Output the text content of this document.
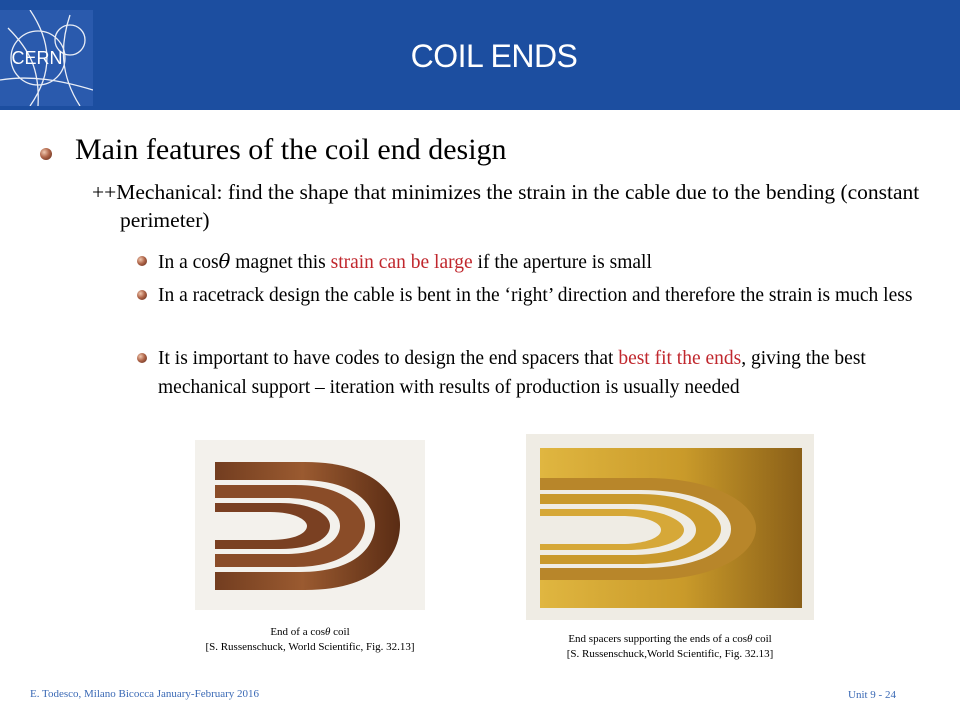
CERN	COIL ENDS
Main features of the coil end design
++Mechanical: find the shape that minimizes the strain in the cable due to the bending (constant perimeter)
In a cosθ magnet this strain can be large if the aperture is small
In a racetrack design the cable is bent in the ‘right’ direction and therefore the strain is much less
It is important to have codes to design the end spacers that best fit the ends, giving the best mechanical support – iteration with results of production is usually needed
End of a cosθ coil
[S. Russenschuck, World Scientific, Fig. 32.13]
End spacers supporting the ends of a cosθ coil
[S. Russenschuck,World Scientific, Fig. 32.13]
E. Todesco, Milano Bicocca January-February 2016	Unit 9 - 24
